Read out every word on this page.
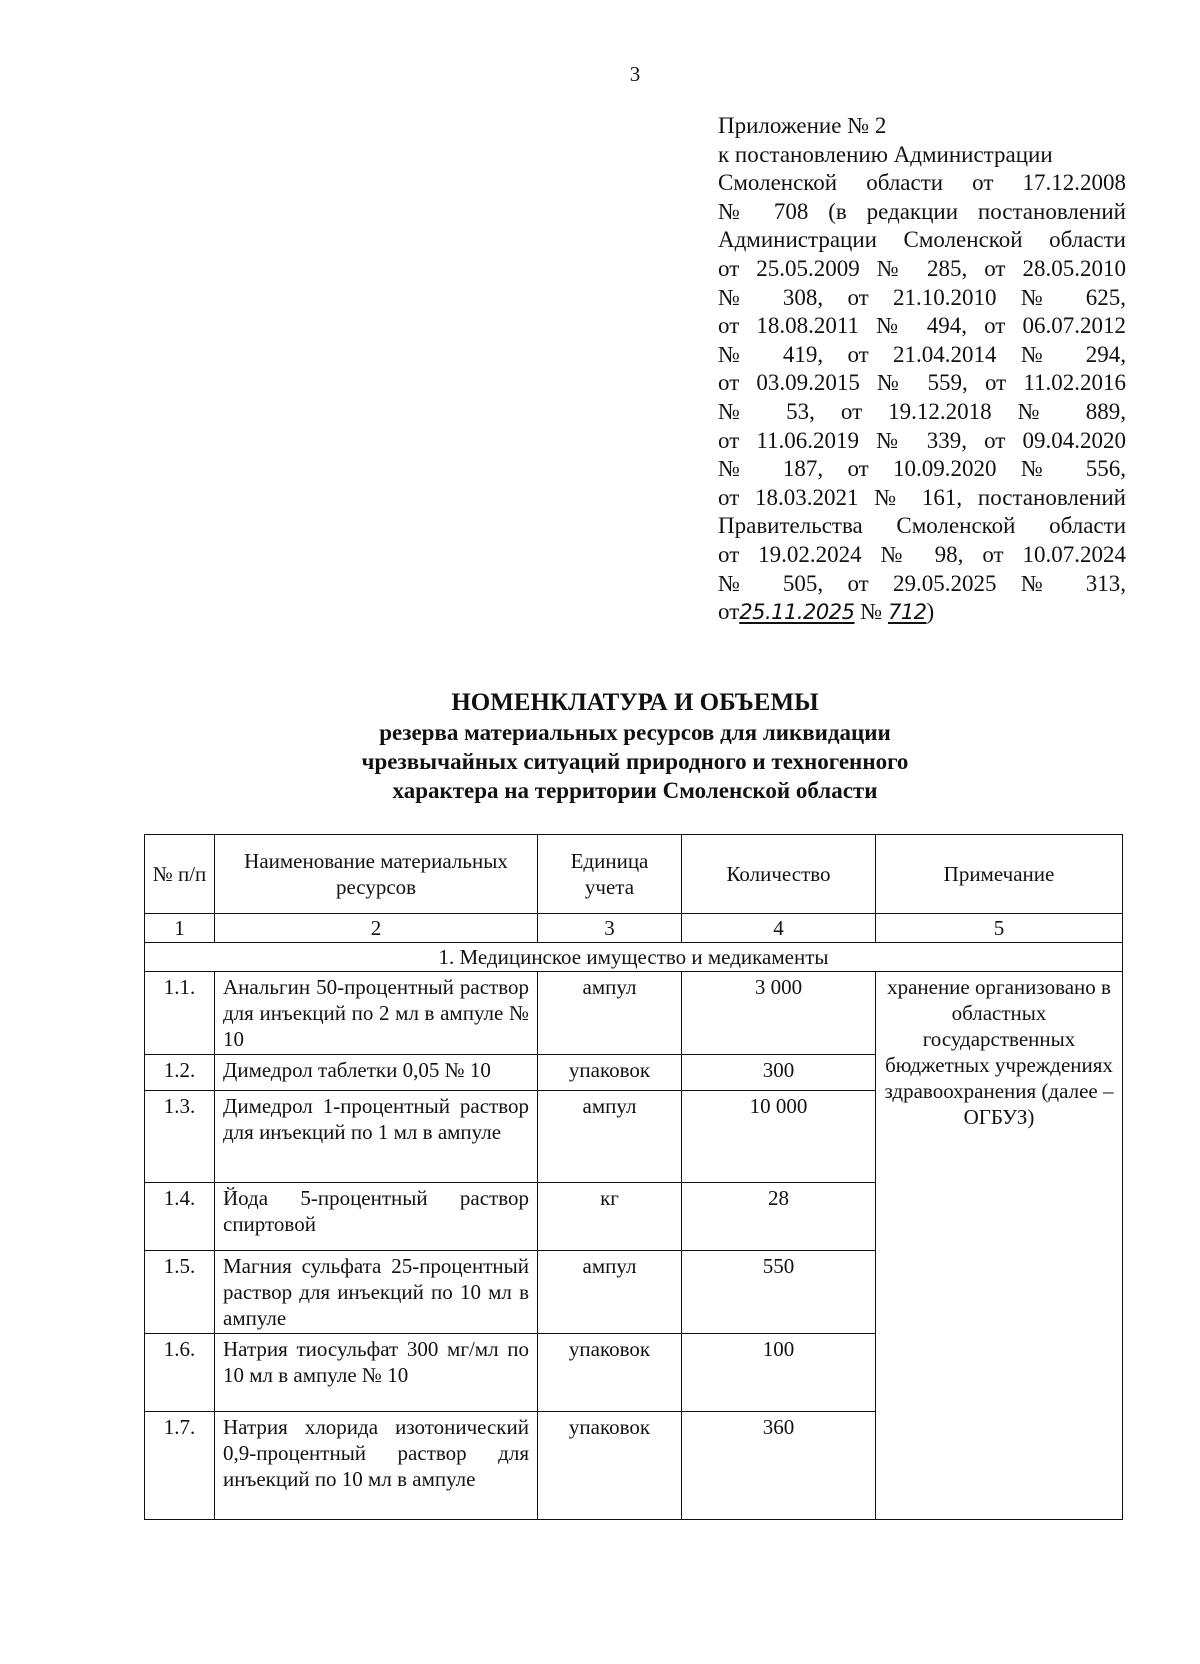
3
Приложение № 2
к постановлению Администрации
Смоленской области от 17.12.2008
№ 708 (в редакции постановлений
Администрации Смоленской области
от 25.05.2009 № 285, от 28.05.2010
№ 308, от 21.10.2010 № 625,
от 18.08.2011 № 494, от 06.07.2012
№ 419, от 21.04.2014 № 294,
от 03.09.2015 № 559, от 11.02.2016
№ 53, от 19.12.2018 № 889,
от 11.06.2019 № 339, от 09.04.2020
№ 187, от 10.09.2020 № 556,
от 18.03.2021 № 161, постановлений
Правительства Смоленской области
от 19.02.2024 № 98, от 10.07.2024
№ 505, от 29.05.2025 № 313,
от25.11.2025 № 712)
НОМЕНКЛАТУРА И ОБЪЕМЫ
резерва материальных ресурсов для ликвидации
чрезвычайных ситуаций природного и техногенного
характера на территории Смоленской области
№ п/п	Наименование материальных ресурсов	Единица учета	Количество	Примечание
1	2	3	4	5
1. Медицинское имущество и медикаменты				
1.1.	Анальгин 50-процентный раствор для инъекций по 2 мл в ампуле № 10	ампул	3 000	хранение организовано в областных государственных бюджетных учреждениях здравоохранения (далее – ОГБУЗ)
1.2.	Димедрол таблетки 0,05 № 10	упаковок	300	
1.3.	Димедрол 1-процентный раствор для инъекций по 1 мл в ампуле	ампул	10 000	
1.4.	Йода 5-процентный раствор спиртовой	кг	28	
1.5.	Магния сульфата 25-процентный раствор для инъекций по 10 мл в ампуле	ампул	550	
1.6.	Натрия тиосульфат 300 мг/мл по 10 мл в ампуле № 10	упаковок	100	
1.7.	Натрия хлорида изотонический 0,9-процентный раствор для инъекций по 10 мл в ампуле	упаковок	360	
